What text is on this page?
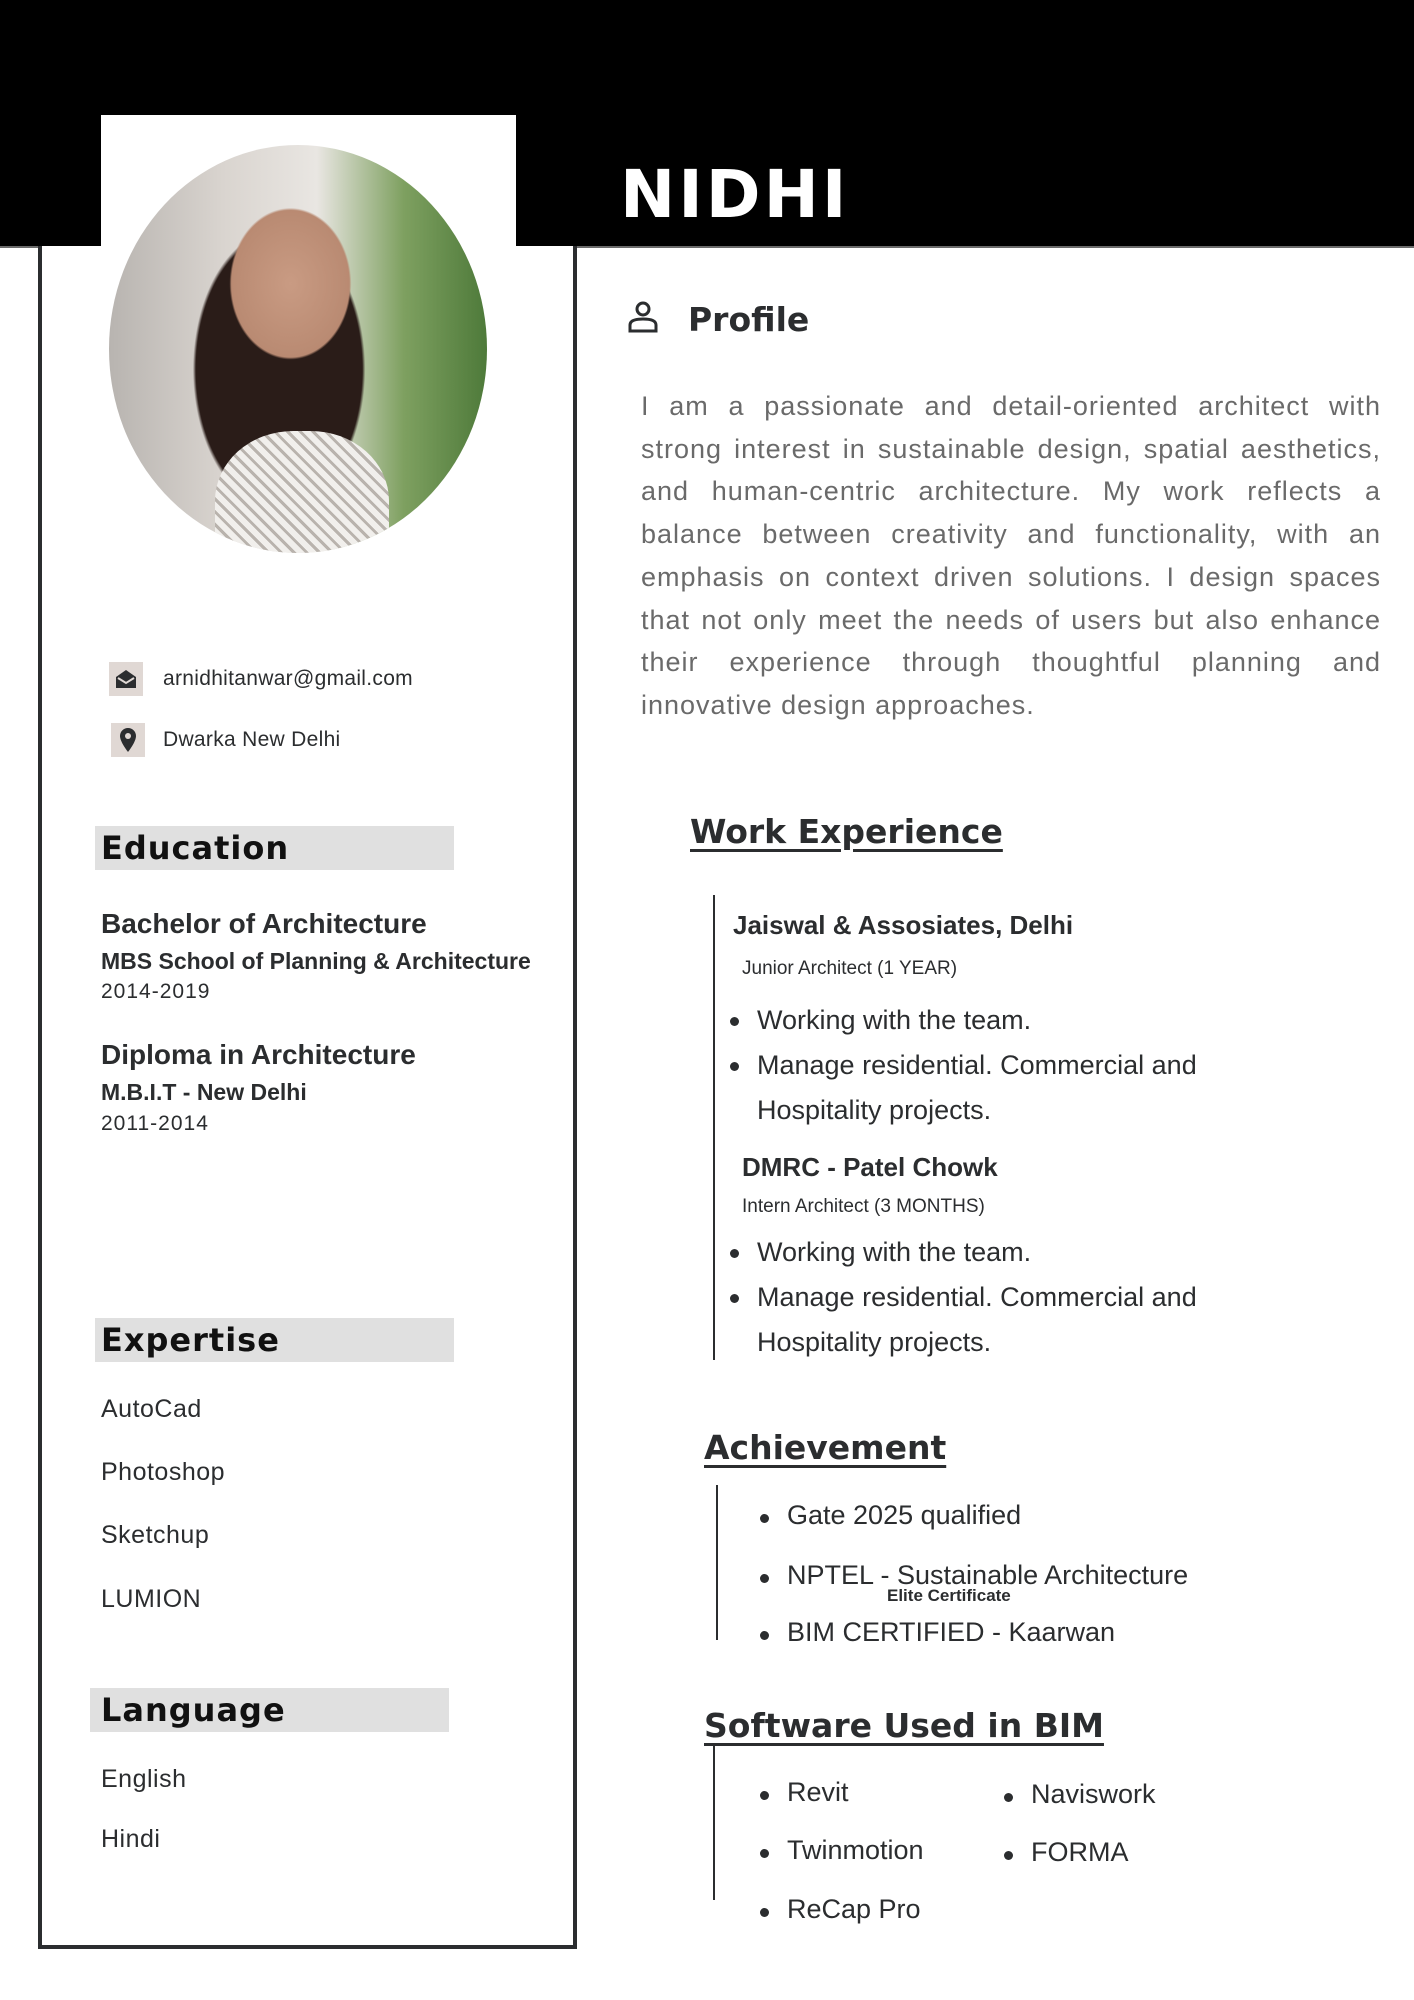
NIDHI
arnidhitanwar@gmail.com
Dwarka New Delhi
Education
Bachelor of Architecture
MBS School of Planning & Architecture
2014-2019
Diploma in Architecture
M.B.I.T - New Delhi
2011-2014
Expertise
AutoCad
Photoshop
Sketchup
LUMION
Language
English
Hindi
Profile

I am a passionate and detail-oriented architect with strong interest in sustainable design, spatial aesthetics, and human-centric architecture. My work reflects a balance between creativity and functionality, with an emphasis on context driven solutions. I design spaces that not only meet the needs of users but also enhance their experience through thoughtful planning and innovative design approaches.

Work Experience
Jaiswal & Assosiates, Delhi
Junior Architect (1 YEAR)
Working with the team.
Manage residential. Commercial and Hospitality projects.
DMRC - Patel Chowk
Intern Architect (3 MONTHS)
Working with the team.
Manage residential. Commercial and Hospitality projects.
Achievement
Gate 2025 qualified
NPTEL - Sustainable Architecture
Elite Certificate
BIM CERTIFIED - Kaarwan
Software Used in BIM
Revit
Twinmotion
ReCap Pro
Naviswork
FORMA
